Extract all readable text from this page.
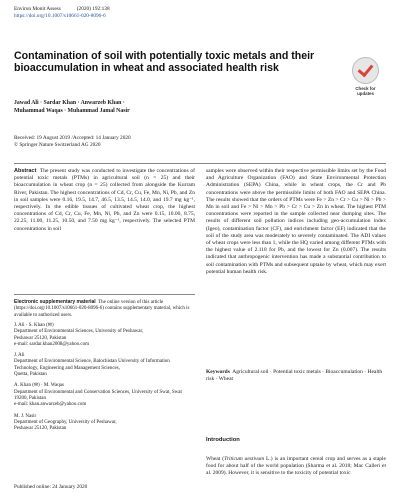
Environ Monit Assess	(2020) 192:138
https://doi.org/10.1007/s10661-020-8096-6
Contamination of soil with potentially toxic metals and their bioaccumulation in wheat and associated health risk
Check for
updates
Jawad Ali · Sardar Khan · Anwarzeb Khan ·
Muhammad Waqas · Muhammad Jamal Nasir
Received: 19 August 2019 /Accepted: 14 January 2020
© Springer Nature Switzerland AG 2020
Abstract The present study was conducted to investigate the concentrations of potential toxic metals (PTMs) in agricultural soil (n = 25) and their bioaccumulation in wheat crop (n = 25) collected from alongside the Kurram River, Pakistan. The highest concentrations of Cd, Cr, Cu, Fe, Mn, Ni, Pb, and Zn in soil samples were 0.16, 19.5, 14.7, 46.5, 13.5, 14.5, 14.0, and 19.7 mg kg⁻¹, respectively. In the edible tissues of cultivated wheat crop, the highest concentrations of Cd, Cr, Cu, Fe, Mn, Ni, Pb, and Zn were 0.15, 10.00, 8.75, 22.25, 11.00, 11.25, 10.50, and 7.50 mg kg⁻¹, respectively. The selected PTM concentrations in soil
samples were observed within their respective permissible limits set by the Food and Agriculture Organization (FAO) and State Environmental Protection Administration (SEPA) China, while in wheat crops, the Cr and Pb concentrations were above the permissible limits of both FAO and SEPA China. The results showed that the orders of PTMs were Fe > Zn > Cr > Cu > Ni > Pb > Mn in soil and Fe > Ni > Mn > Pb > Cr > Cu > Zn in wheat. The highest PTM concentrations were reported in the sample collected near dumping sites. The results of different soil pollution indices including geo-accumulation index (Igeo), contamination factor (CF), and enrichment factor (EF) indicated that the soil of the study area was moderately to severely contaminated. The ADI values of wheat crops were less than 1, while the HQ varied among different PTMs with the highest value of 2.118 for Pb, and the lowest for Zn (0.007). The results indicated that anthropogenic intervention has made a substantial contribution to soil contamination with PTMs and subsequent uptake by wheat, which may exert potential human health risk.
Electronic supplementary material The online version of this article (https://doi.org/10.1007/s10661-020-8096-6) contains supplementary material, which is available to authorized users.
J. Ali · S. Khan (✉)
Department of Environmental Sciences, University of Peshawar,
Peshawar 25120, Pakistan
e-mail: sardar.khan2008@yahoo.com
J. Ali
Department of Environmental Science, Balochistan University of Information Technology, Engineering and Management Sciences,
Quetta, Pakistan
A. Khan (✉) · M. Waqas
Department of Environmental and Conservation Sciences, University of Swat, Swat 19200, Pakistan
e-mail: khan.anwarzeb@yahoo.com
M. J. Nasir
Department of Geography, University of Peshawar,
Peshawar 25120, Pakistan
Keywords Agricultural soil · Potential toxic metals · Bioaccumulation · Health risk · Wheat
Introduction
Wheat (Triticum aestivum L.) is an important cereal crop and serves as a staple food for about half of the world population (Sharma et al. 2018; Mac Calleri et al. 2009). However, it is sensitive to the toxicity of potential toxic
Published online: 24 January 2020
